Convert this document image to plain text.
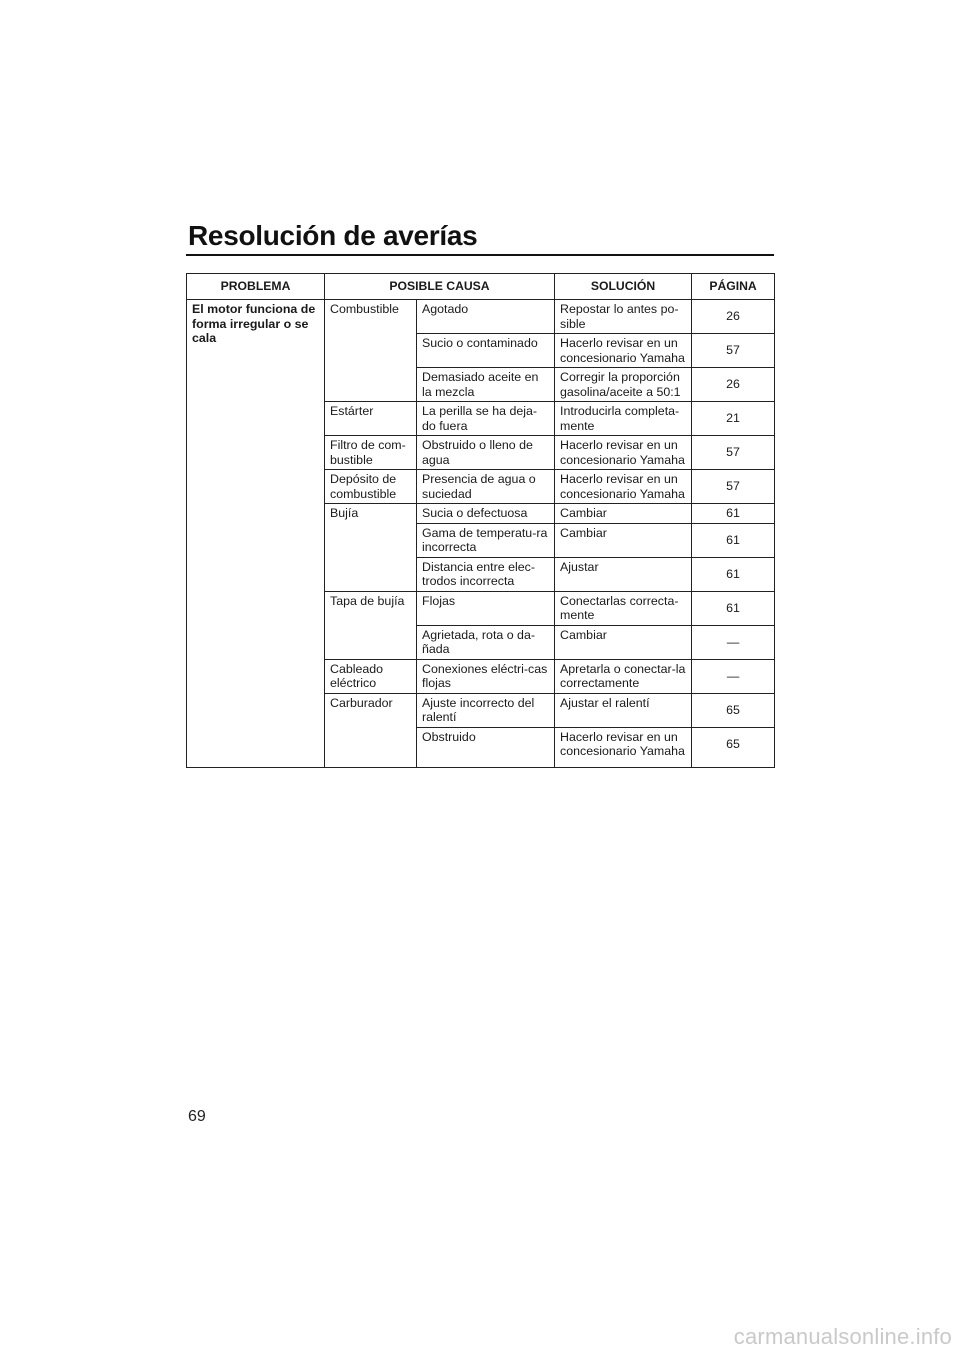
Resolución de averías
PROBLEMA	POSIBLE CAUSA		SOLUCIÓN	PÁGINA
El motor funciona de forma irregular o se cala	Combustible	Agotado	Repostar lo antes po-sible	26
		Sucio o contaminado	Hacerlo revisar en un concesionario Yamaha	57
		Demasiado aceite en la mezcla	Corregir la proporción gasolina/aceite a 50:1	26
	Estárter	La perilla se ha deja-do fuera	Introducirla completa-mente	21
	Filtro de com-bustible	Obstruido o lleno de agua	Hacerlo revisar en un concesionario Yamaha	57
	Depósito de combustible	Presencia de agua o suciedad	Hacerlo revisar en un concesionario Yamaha	57
	Bujía	Sucia o defectuosa	Cambiar	61
		Gama de temperatu-ra incorrecta	Cambiar	61
		Distancia entre elec-trodos incorrecta	Ajustar	61
	Tapa de bujía	Flojas	Conectarlas correcta-mente	61
		Agrietada, rota o da-ñada	Cambiar	—
	Cableado eléctrico	Conexiones eléctri-cas flojas	Apretarla o conectar-la correctamente	—
	Carburador	Ajuste incorrecto del ralentí	Ajustar el ralentí	65
		Obstruido	Hacerlo revisar en un concesionario Yamaha	65
69
carmanualsonline.info
